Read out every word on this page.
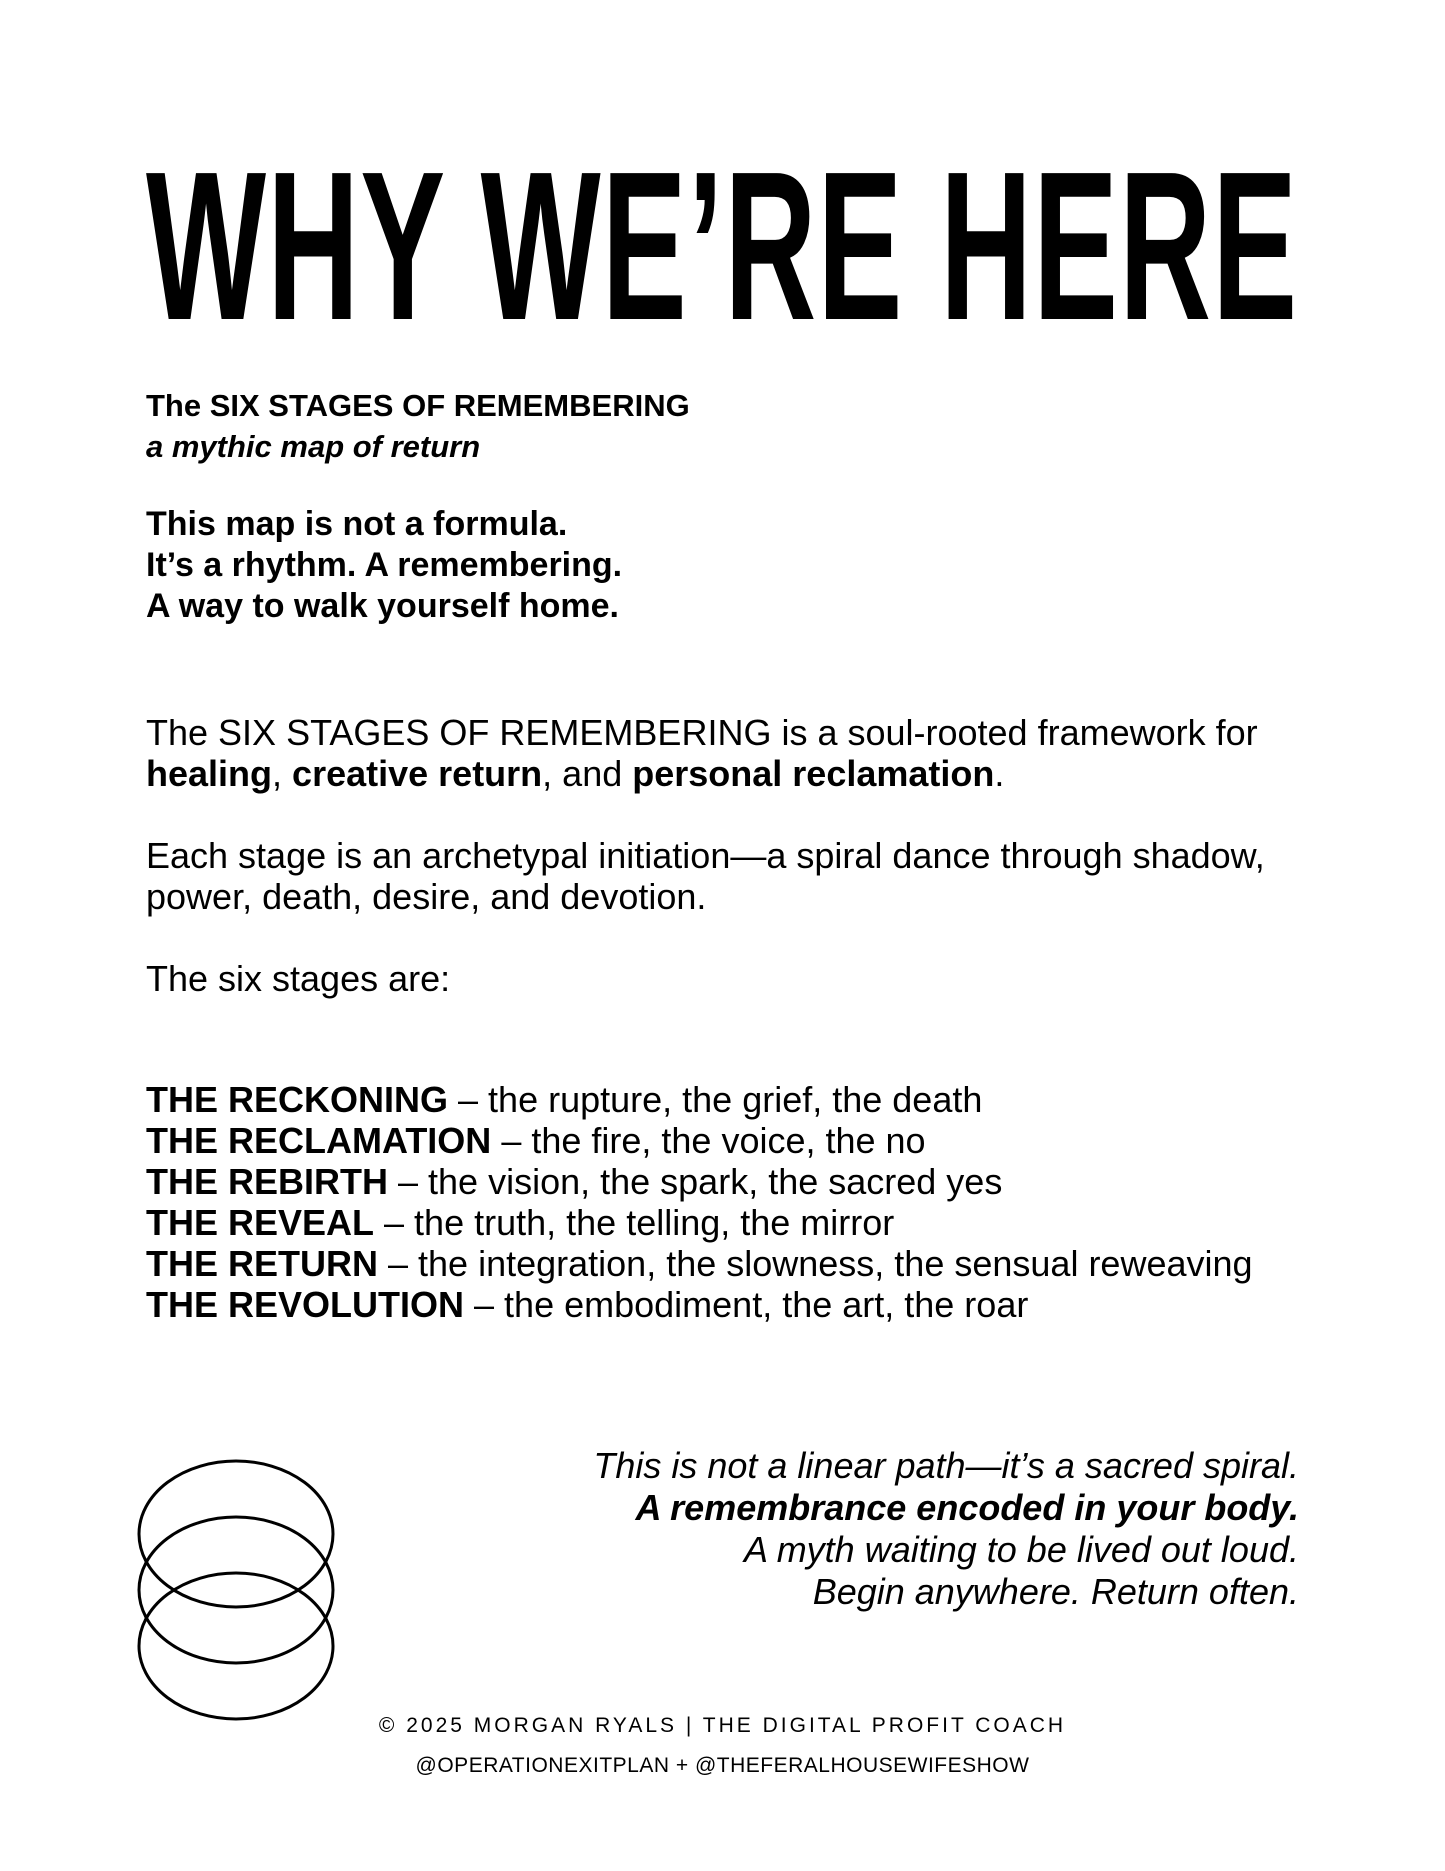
WHY WE’RE HERE
The SIX STAGES OF REMEMBERING
a mythic map of return
This map is not a formula.
It’s a rhythm. A remembering.
A way to walk yourself home.

The SIX STAGES OF REMEMBERING is a soul-rooted framework for healing, creative return, and personal reclamation.

Each stage is an archetypal initiation—a spiral dance through shadow, power, death, desire, and devotion.

The six stages are:

THE RECKONING – the rupture, the grief, the death
THE RECLAMATION – the fire, the voice, the no
THE REBIRTH – the vision, the spark, the sacred yes
THE REVEAL – the truth, the telling, the mirror
THE RETURN – the integration, the slowness, the sensual reweaving
THE REVOLUTION – the embodiment, the art, the roar
This is not a linear path—it’s a sacred spiral.
A remembrance encoded in your body.
A myth waiting to be lived out loud.
Begin anywhere. Return often.
© 2025 MORGAN RYALS | THE DIGITAL PROFIT COACH
@OPERATIONEXITPLAN + @THEFERALHOUSEWIFESHOW
